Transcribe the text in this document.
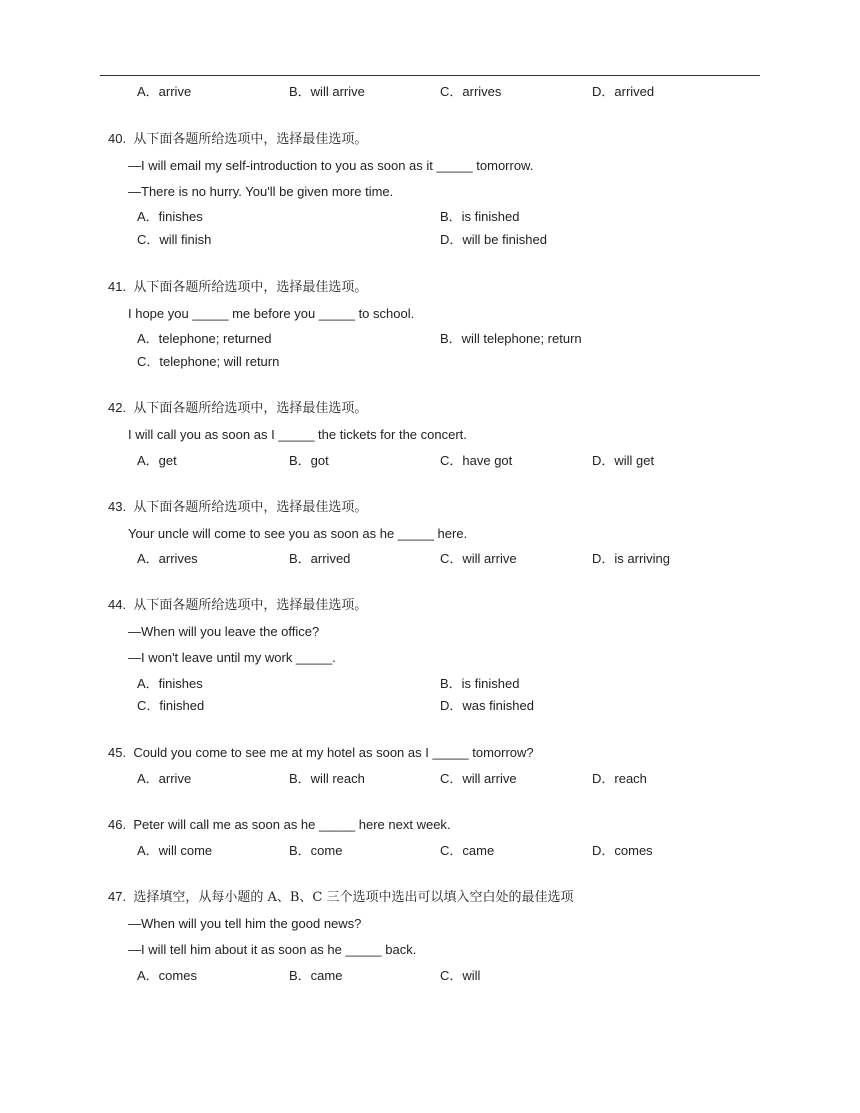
A．arrive	B．will arrive	C．arrives	D．arrived
40. 从下面各题所给选项中，选择最佳选项。
—I will email my self-introduction to you as soon as it _____ tomorrow.
—There is no hurry. You'll be given more time.
A．finishes	B．is finished
C．will finish	D．will be finished
41. 从下面各题所给选项中，选择最佳选项。
I hope you _____ me before you _____ to school.
A．telephone; returned	B．will telephone; return
C．telephone; will return
42. 从下面各题所给选项中，选择最佳选项。
I will call you as soon as I _____ the tickets for the concert.
A．get	B．got	C．have got	D．will get
43. 从下面各题所给选项中，选择最佳选项。
Your uncle will come to see you as soon as he _____ here.
A．arrives	B．arrived	C．will arrive	D．is arriving
44. 从下面各题所给选项中，选择最佳选项。
—When will you leave the office?
—I won't leave until my work _____.
A．finishes	B．is finished
C．finished	D．was finished
45. Could you come to see me at my hotel as soon as I _____ tomorrow?
A．arrive	B．will reach	C．will arrive	D．reach
46. Peter will call me as soon as he _____ here next week.
A．will come	B．come	C．came	D．comes
47. 选择填空，从每小题的 A、B、C 三个选项中选出可以填入空白处的最佳选项
—When will you tell him the good news?
—I will tell him about it as soon as he _____ back.
A．comes	B．came	C．will
